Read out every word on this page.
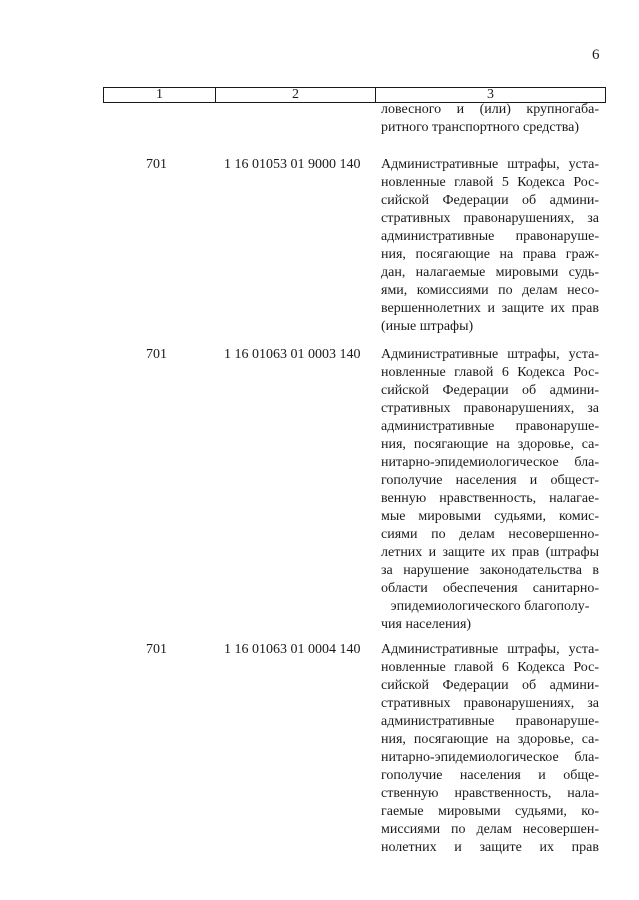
6
1	2	3
ловесного и (или) крупногаба-
ритного транспортного средства)
701	1 16 01053 01 9000 140 Административные штрафы, уста-
новленные главой 5 Кодекса Рос-
сийской Федерации об админи-
стративных правонарушениях, за
административные правонаруше-
ния, посягающие на права граж-
дан, налагаемые мировыми судь-
ями, комиссиями по делам несо-
вершеннолетних и защите их прав
(иные штрафы)
701	1 16 01063 01 0003 140 Административные штрафы, уста-
новленные главой 6 Кодекса Рос-
сийской Федерации об админи-
стративных правонарушениях, за
административные правонаруше-
ния, посягающие на здоровье, са-
нитарно-эпидемиологическое бла-
гополучие населения и общест-
венную нравственность, налагае-
мые мировыми судьями, комис-
сиями по делам несовершенно-
летних и защите их прав (штрафы
за нарушение законодательства в
области обеспечения санитарно-
эпидемиологического благополу-
чия населения)
701	1 16 01063 01 0004 140 Административные штрафы, уста-
новленные главой 6 Кодекса Рос-
сийской Федерации об админи-
стративных правонарушениях, за
административные правонаруше-
ния, посягающие на здоровье, са-
нитарно-эпидемиологическое бла-
гополучие населения и обще-
ственную нравственность, нала-
гаемые мировыми судьями, ко-
миссиями по делам несовершен-
нолетних и защите их прав
